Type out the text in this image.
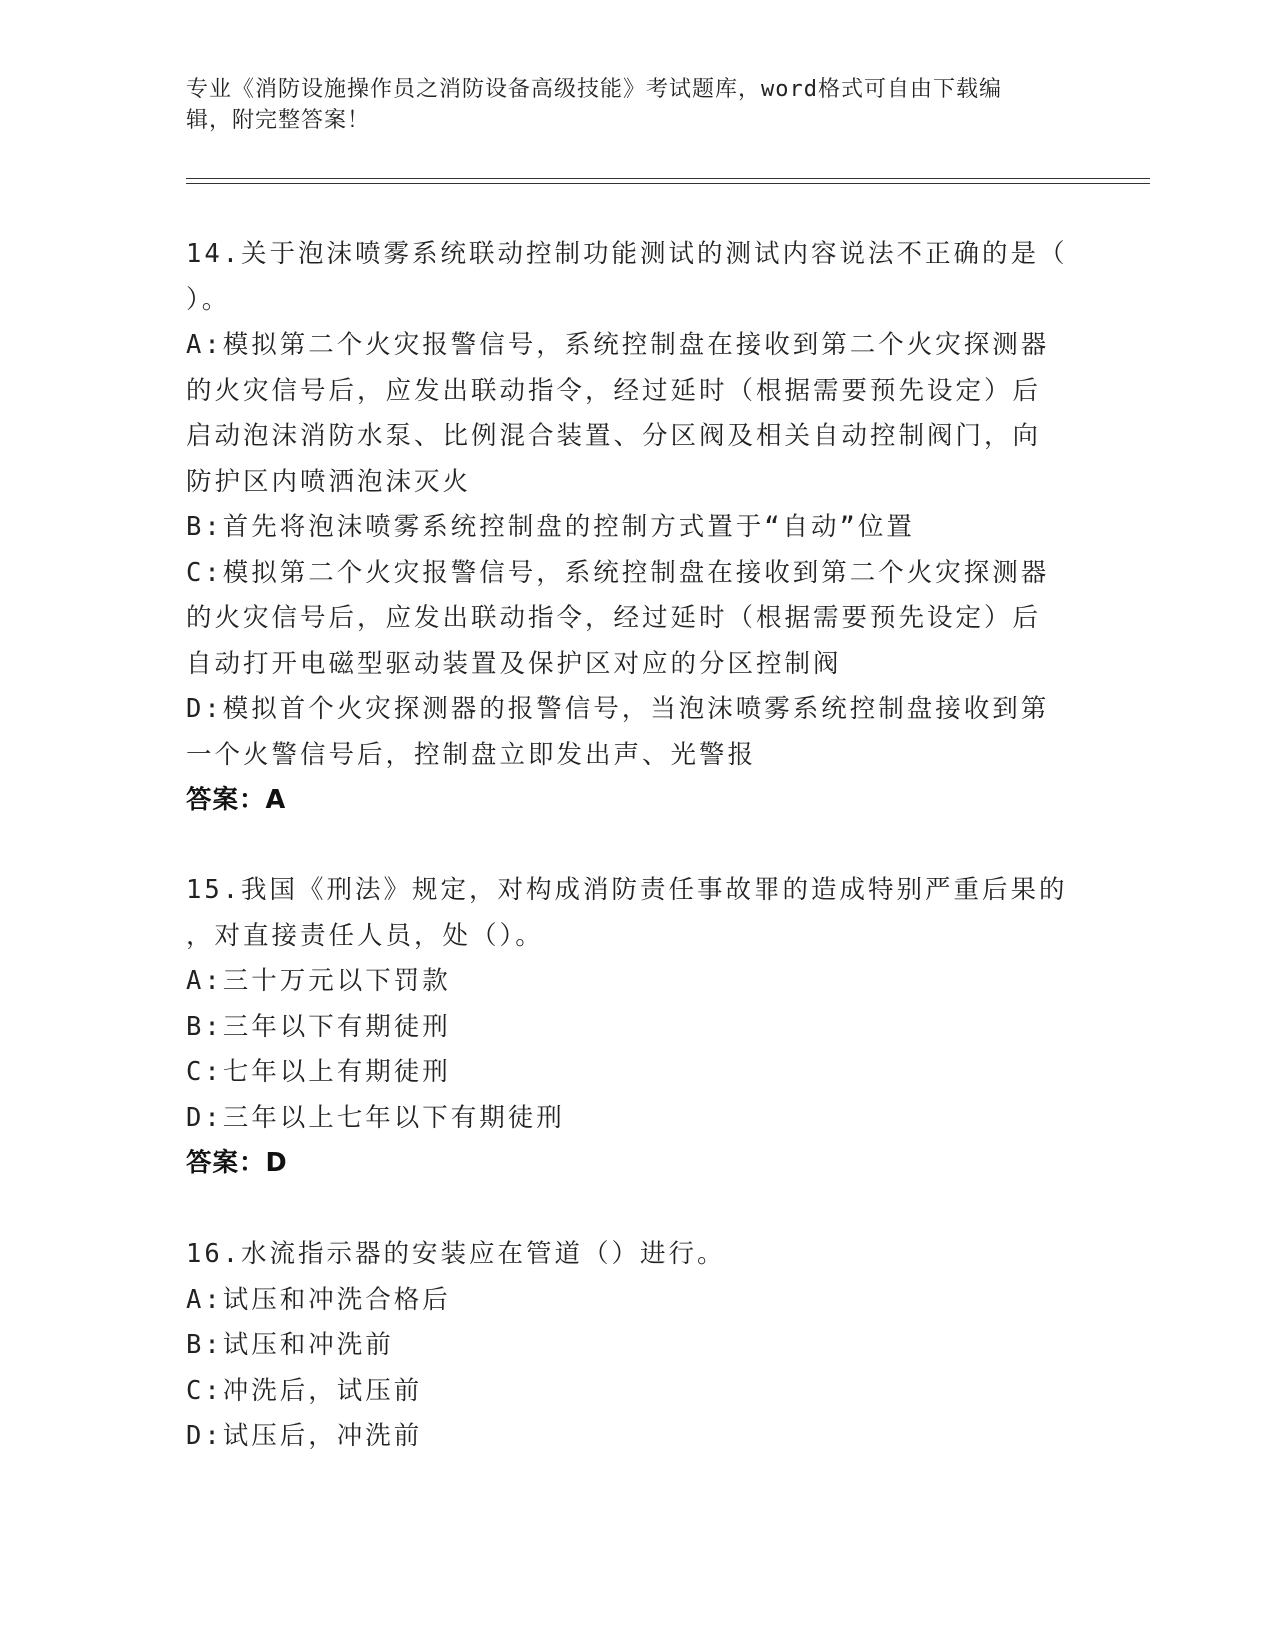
专业《消防设施操作员之消防设备高级技能》考试题库，word格式可自由下载编
辑，附完整答案！
14.关于泡沫喷雾系统联动控制功能测试的测试内容说法不正确的是（
）。
A:模拟第二个火灾报警信号，系统控制盘在接收到第二个火灾探测器
的火灾信号后，应发出联动指令，经过延时（根据需要预先设定）后
启动泡沫消防水泵、比例混合装置、分区阀及相关自动控制阀门，向
防护区内喷洒泡沫灭火
B:首先将泡沫喷雾系统控制盘的控制方式置于“自动”位置
C:模拟第二个火灾报警信号，系统控制盘在接收到第二个火灾探测器
的火灾信号后，应发出联动指令，经过延时（根据需要预先设定）后
自动打开电磁型驱动装置及保护区对应的分区控制阀
D:模拟首个火灾探测器的报警信号，当泡沫喷雾系统控制盘接收到第
一个火警信号后，控制盘立即发出声、光警报
答案：A
15.我国《刑法》规定，对构成消防责任事故罪的造成特别严重后果的
，对直接责任人员，处（）。
A:三十万元以下罚款
B:三年以下有期徒刑
C:七年以上有期徒刑
D:三年以上七年以下有期徒刑
答案：D
16.水流指示器的安装应在管道（）进行。
A:试压和冲洗合格后
B:试压和冲洗前
C:冲洗后，试压前
D:试压后，冲洗前
